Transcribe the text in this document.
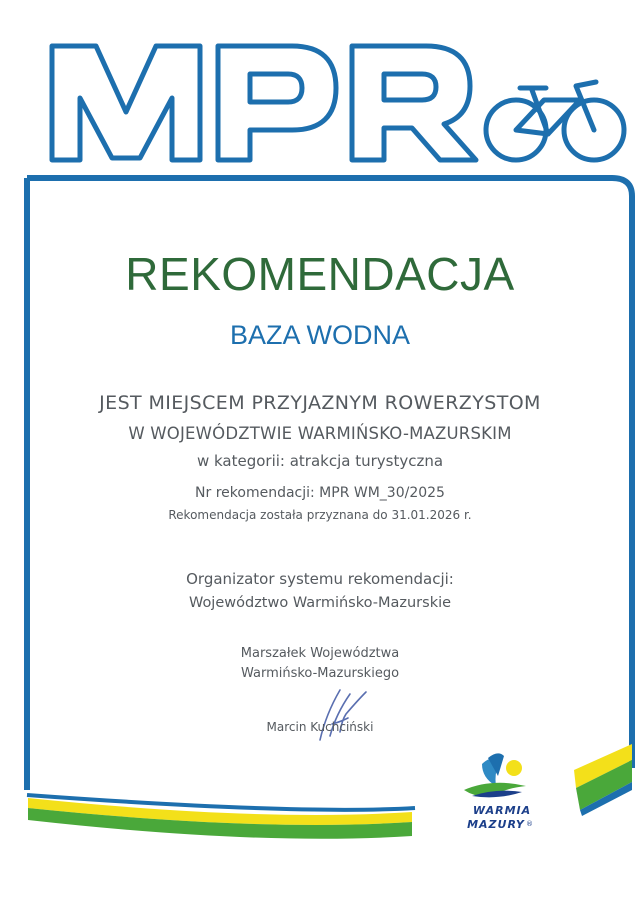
REKOMENDACJA
BAZA WODNA
JEST MIEJSCEM PRZYJAZNYM ROWERZYSTOM
W WOJEWÓDZTWIE WARMIŃSKO-MAZURSKIM
w kategorii: atrakcja turystyczna
Nr rekomendacji: MPR WM_30/2025
Rekomendacja została przyznana do 31.01.2026 r.
Organizator systemu rekomendacji:
Województwo Warmińsko-Mazurskie
Marszałek Województwa
Warmińsko-Mazurskiego
Marcin Kuchciński
WARMIA
MAZURY ®
